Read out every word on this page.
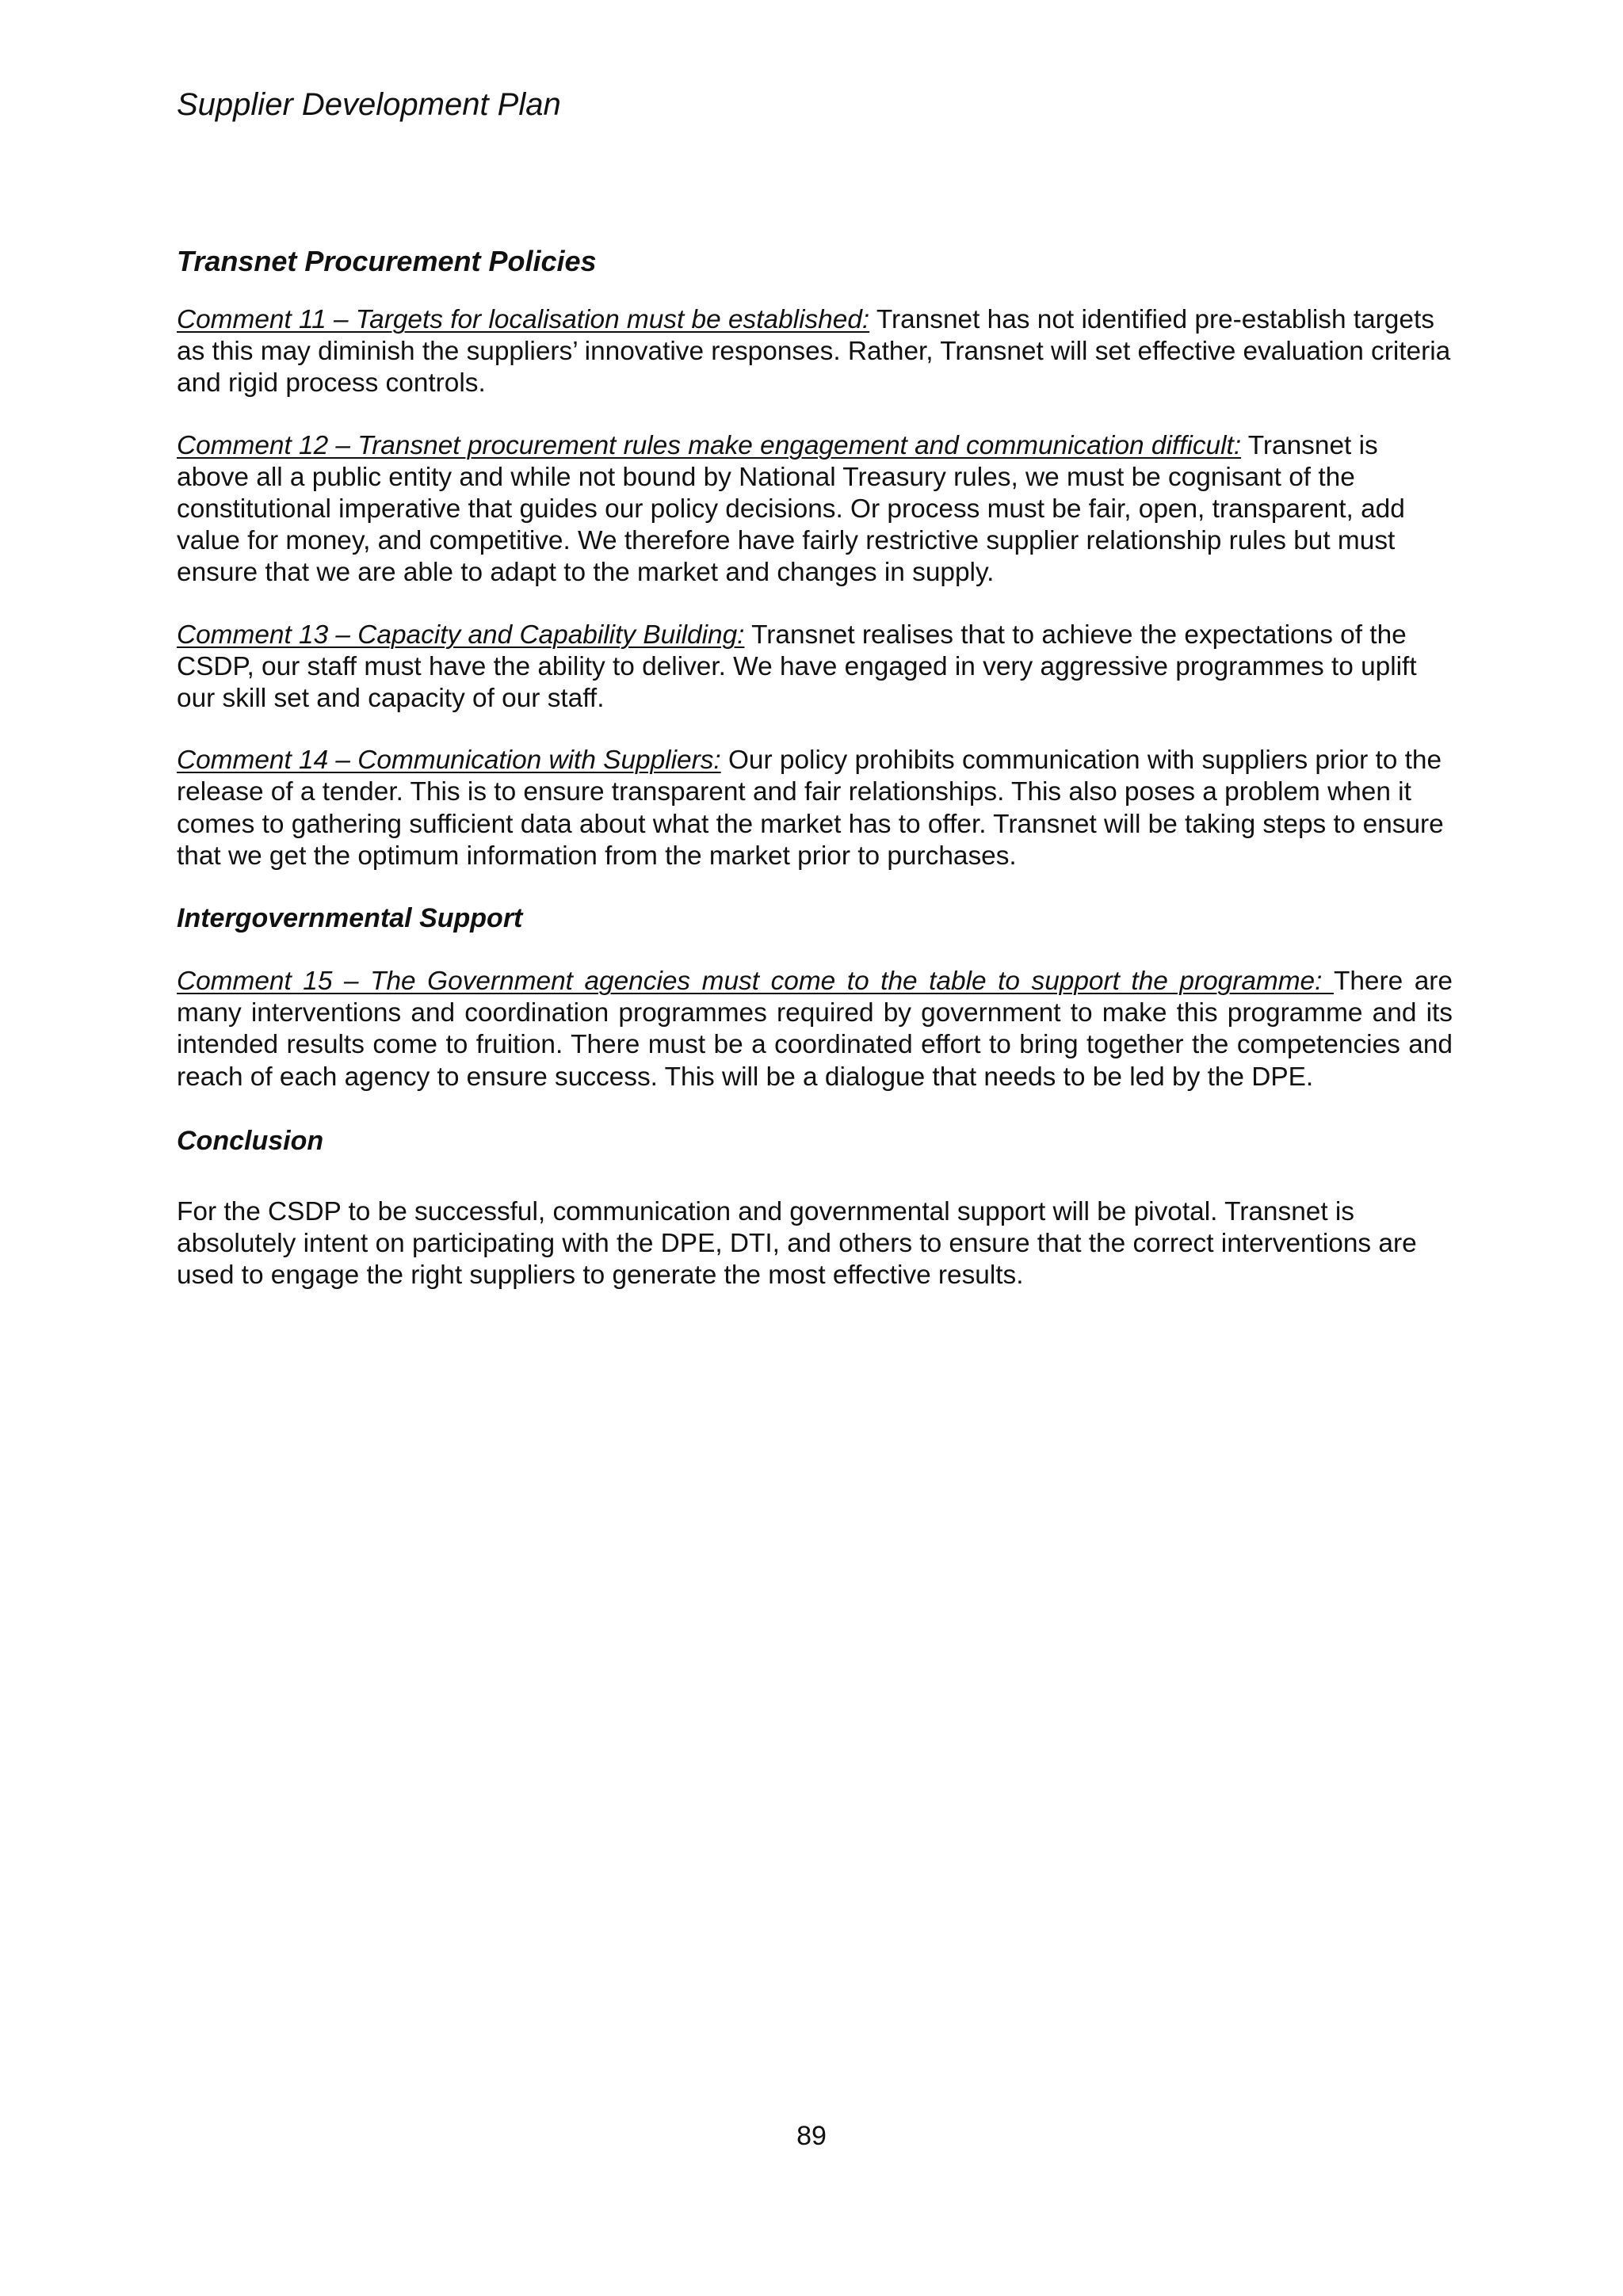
Supplier Development Plan

Transnet Procurement Policies

Comment 11 – Targets for localisation must be established: Transnet has not identified pre-establish targets as this may diminish the suppliers’ innovative responses. Rather, Transnet will set effective evaluation criteria and rigid process controls.

Comment 12 – Transnet procurement rules make engagement and communication difficult: Transnet is above all a public entity and while not bound by National Treasury rules, we must be cognisant of the constitutional imperative that guides our policy decisions. Or process must be fair, open, transparent, add value for money, and competitive. We therefore have fairly restrictive supplier relationship rules but must ensure that we are able to adapt to the market and changes in supply.

Comment 13 – Capacity and Capability Building: Transnet realises that to achieve the expectations of the CSDP, our staff must have the ability to deliver. We have engaged in very aggressive programmes to uplift our skill set and capacity of our staff.

Comment 14 – Communication with Suppliers: Our policy prohibits communication with suppliers prior to the release of a tender. This is to ensure transparent and fair relationships. This also poses a problem when it comes to gathering sufficient data about what the market has to offer. Transnet will be taking steps to ensure that we get the optimum information from the market prior to purchases.

Intergovernmental Support

Comment 15 – The Government agencies must come to the table to support the programme: There are many interventions and coordination programmes required by government to make this programme and its intended results come to fruition. There must be a coordinated effort to bring together the competencies and reach of each agency to ensure success. This will be a dialogue that needs to be led by the DPE.

Conclusion

For the CSDP to be successful, communication and governmental support will be pivotal. Transnet is absolutely intent on participating with the DPE, DTI, and others to ensure that the correct interventions are used to engage the right suppliers to generate the most effective results.

89
